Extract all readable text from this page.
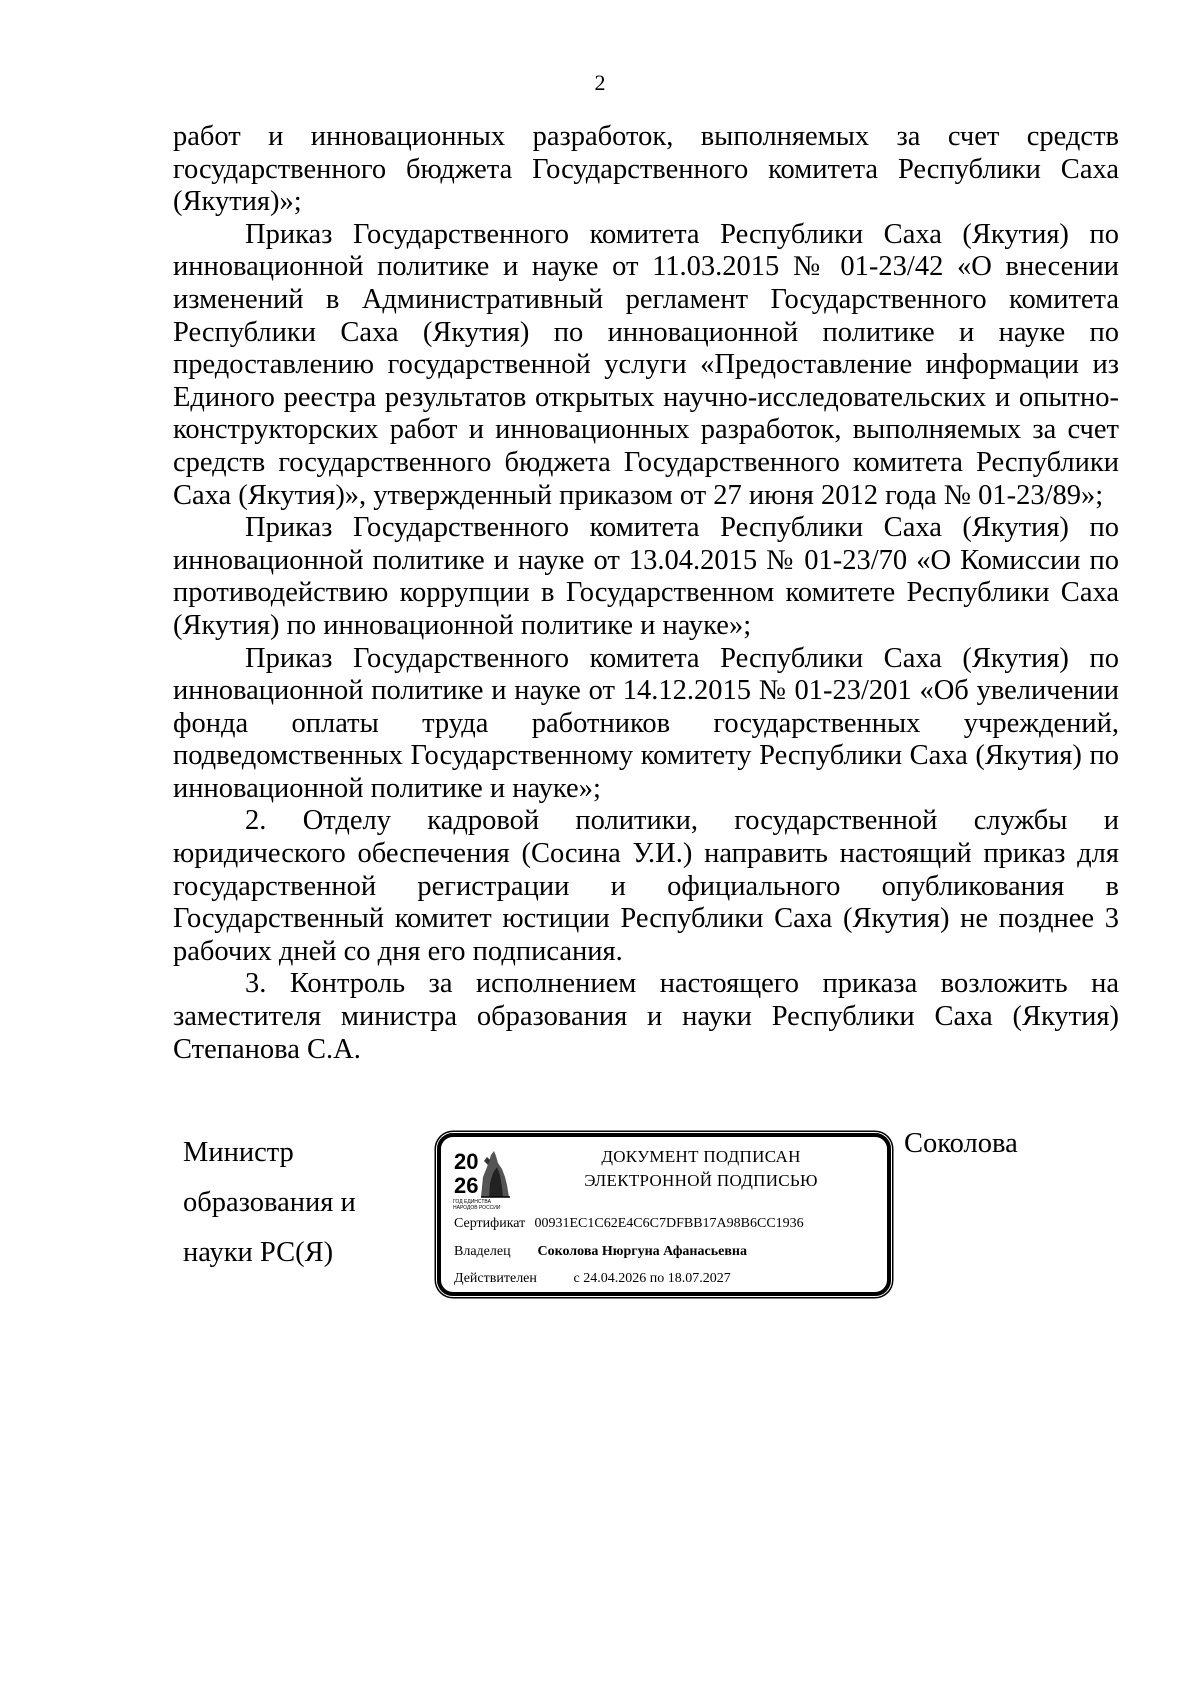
2

работ и инновационных разработок, выполняемых за счет средств государственного бюджета Государственного комитета Республики Саха (Якутия)»;

Приказ Государственного комитета Республики Саха (Якутия) по инновационной политике и науке от 11.03.2015 № 01-23/42 «О внесении изменений в Административный регламент Государственного комитета Республики Саха (Якутия) по инновационной политике и науке по предоставлению государственной услуги «Предоставление информации из Единого реестра результатов открытых научно-исследовательских и опытно-конструкторских работ и инновационных разработок, выполняемых за счет средств государственного бюджета Государственного комитета Республики Саха (Якутия)», утвержденный приказом от 27 июня 2012 года № 01-23/89»;

Приказ Государственного комитета Республики Саха (Якутия) по инновационной политике и науке от 13.04.2015 № 01-23/70 «О Комиссии по противодействию коррупции в Государственном комитете Республики Саха (Якутия) по инновационной политике и науке»;

Приказ Государственного комитета Республики Саха (Якутия) по инновационной политике и науке от 14.12.2015 № 01-23/201 «Об увеличении фонда оплаты труда работников государственных учреждений, подведомственных Государственному комитету Республики Саха (Якутия) по инновационной политике и науке»;

2. Отделу кадровой политики, государственной службы и юридического обеспечения (Сосина У.И.) направить настоящий приказ для государственной регистрации и официального опубликования в Государственный комитет юстиции Республики Саха (Якутия) не позднее 3 рабочих дней со дня его подписания.

3. Контроль за исполнением настоящего приказа возложить на заместителя министра образования и науки Республики Саха (Якутия) Степанова С.А.

Министр
образования и
науки РС(Я)
Соколова
20
26
ГОД ЕДИНСТВА НАРОДОВ РОССИИ
ДОКУМЕНТ ПОДПИСАН
ЭЛЕКТРОННОЙ ПОДПИСЬЮ
Сертификат 00931EC1C62E4C6C7DFBB17A98B6CC1936
Владелец Соколова Нюргуна Афанасьевна
Действителен	с 24.04.2026 по 18.07.2027
